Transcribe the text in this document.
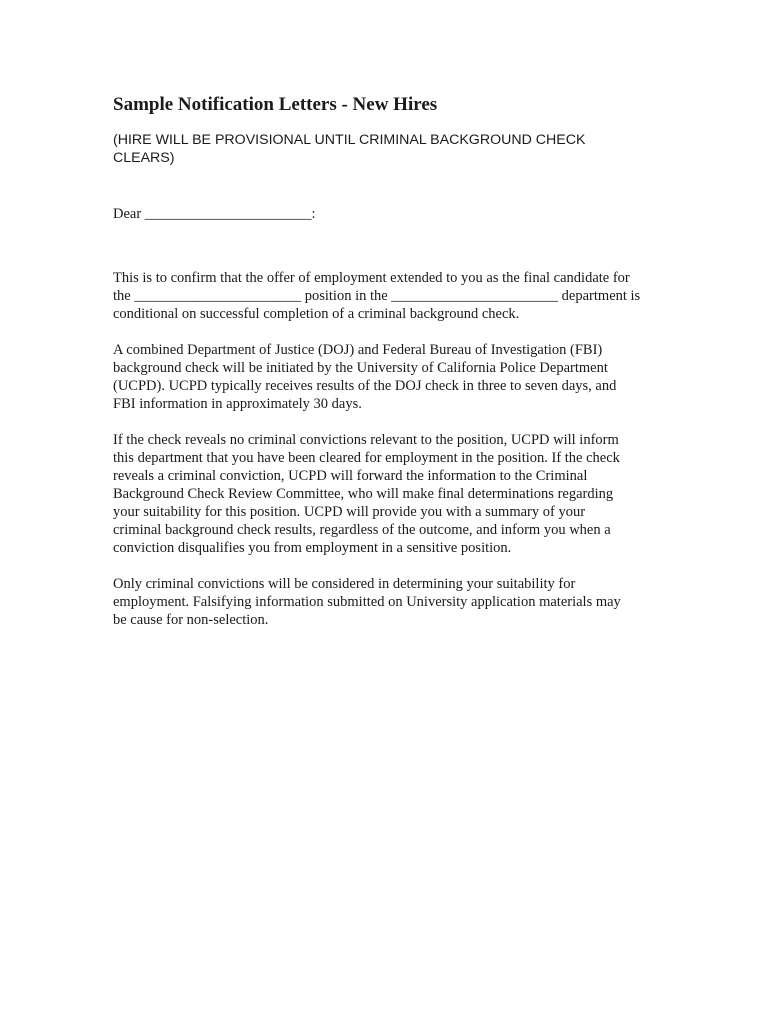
Sample Notification Letters - New Hires
(HIRE WILL BE PROVISIONAL UNTIL CRIMINAL BACKGROUND CHECK
CLEARS)
Dear _______________________:
This is to confirm that the offer of employment extended to you as the final candidate for
the _______________________ position in the _______________________ department is
conditional on successful completion of a criminal background check.
A combined Department of Justice (DOJ) and Federal Bureau of Investigation (FBI)
background check will be initiated by the University of California Police Department
(UCPD). UCPD typically receives results of the DOJ check in three to seven days, and
FBI information in approximately 30 days.
If the check reveals no criminal convictions relevant to the position, UCPD will inform
this department that you have been cleared for employment in the position. If the check
reveals a criminal conviction, UCPD will forward the information to the Criminal
Background Check Review Committee, who will make final determinations regarding
your suitability for this position. UCPD will provide you with a summary of your
criminal background check results, regardless of the outcome, and inform you when a
conviction disqualifies you from employment in a sensitive position.
Only criminal convictions will be considered in determining your suitability for
employment. Falsifying information submitted on University application materials may
be cause for non-selection.
